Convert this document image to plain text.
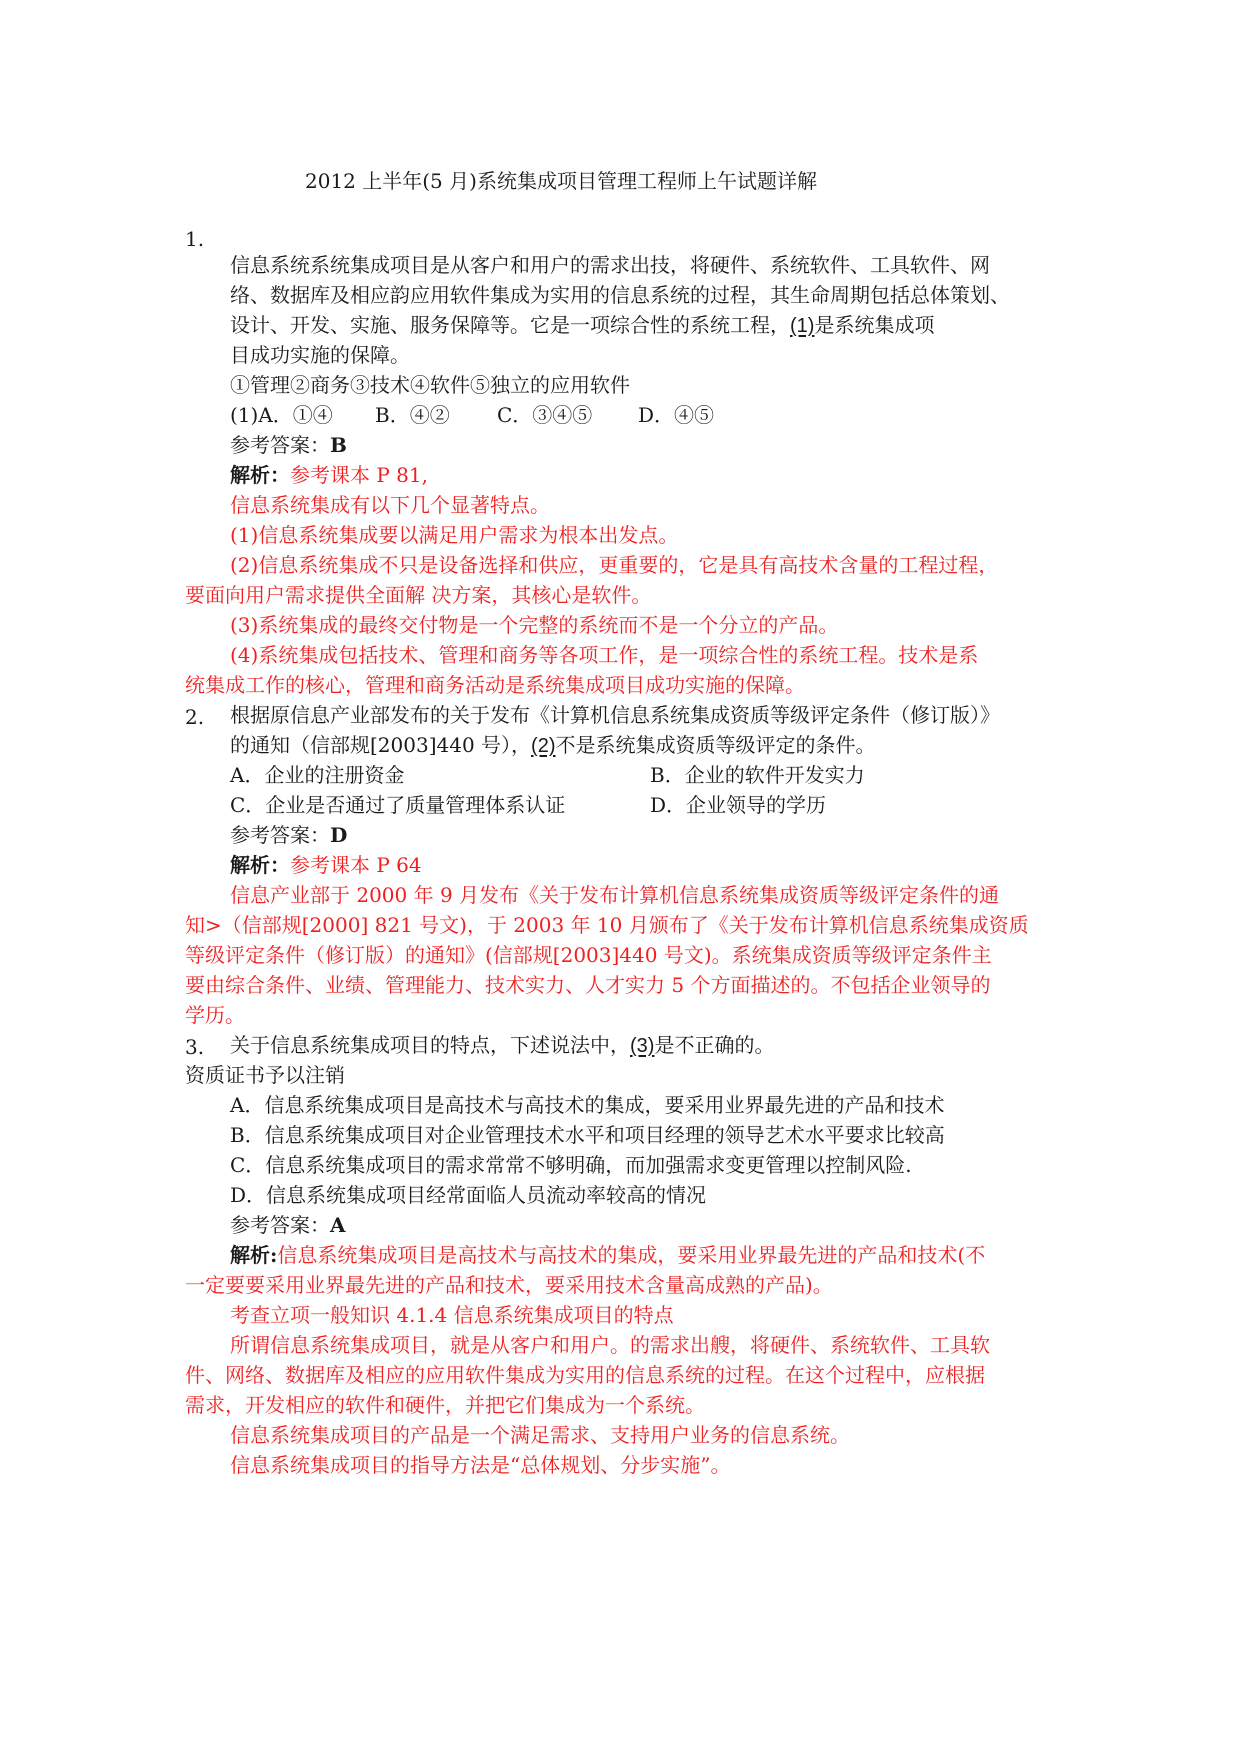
2012 上半年(5 月)系统集成项目管理工程师上午试题详解
1.
信息系统系统集成项目是从客户和用户的需求出技，将硬件、系统软件、工具软件、网
络、数据库及相应韵应用软件集成为实用的信息系统的过程，其生命周期包括总体策划、
设计、开发、实施、服务保障等。它是一项综合性的系统工程，(1)是系统集成项
目成功实施的保障。
①管理②商务③技术④软件⑤独立的应用软件
(1)A．①④ B．④② C．③④⑤ D．④⑤
参考答案：B
解析：参考课本 P 81,
信息系统集成有以下几个显著特点。
(1)信息系统集成要以满足用户需求为根本出发点。
(2)信息系统集成不只是设备选择和供应，更重要的，它是具有高技术含量的工程过程，
要面向用户需求提供全面解 决方案，其核心是软件。
(3)系统集成的最终交付物是一个完整的系统而不是一个分立的产品。
(4)系统集成包括技术、管理和商务等各项工作，是一项综合性的系统工程。技术是系
统集成工作的核心，管理和商务活动是系统集成项目成功实施的保障。
2. 根据原信息产业部发布的关于发布《计算机信息系统集成资质等级评定条件（修订版）》
的通知（信部规[2003]440 号），(2)不是系统集成资质等级评定的条件。
A．企业的注册资金	B．企业的软件开发实力
C．企业是否通过了质量管理体系认证	D．企业领导的学历
参考答案：D
解析：参考课本 P 64
信息产业部于 2000 年 9 月发布《关于发布计算机信息系统集成资质等级评定条件的通
知>（信部规[2000] 821 号文)，于 2003 年 10 月颁布了《关于发布计算机信息系统集成资质
等级评定条件（修订版）的通知》(信部规[2003]440 号文)。系统集成资质等级评定条件主
要由综合条件、业绩、管理能力、技术实力、人才实力 5 个方面描述的。不包括企业领导的
学历。
3. 关于信息系统集成项目的特点，下述说法中，(3)是不正确的。
资质证书予以注销
A．信息系统集成项目是高技术与高技术的集成，要采用业界最先进的产品和技术
B．信息系统集成项目对企业管理技术水平和项目经理的领导艺术水平要求比较高
C．信息系统集成项目的需求常常不够明确，而加强需求变更管理以控制风险.
D．信息系统集成项目经常面临人员流动率较高的情况
参考答案：A
解析:信息系统集成项目是高技术与高技术的集成，要采用业界最先进的产品和技术(不
一定要要采用业界最先进的产品和技术，要采用技术含量高成熟的产品)。
考查立项一般知识 4.1.4 信息系统集成项目的特点
所谓信息系统集成项目，就是从客户和用户。的需求出艘，将硬件、系统软件、工具软
件、网络、数据库及相应的应用软件集成为实用的信息系统的过程。在这个过程中，应根据
需求，开发相应的软件和硬件，并把它们集成为一个系统。
信息系统集成项目的产品是一个满足需求、支持用户业务的信息系统。
信息系统集成项目的指导方法是“总体规划、分步实施”。
